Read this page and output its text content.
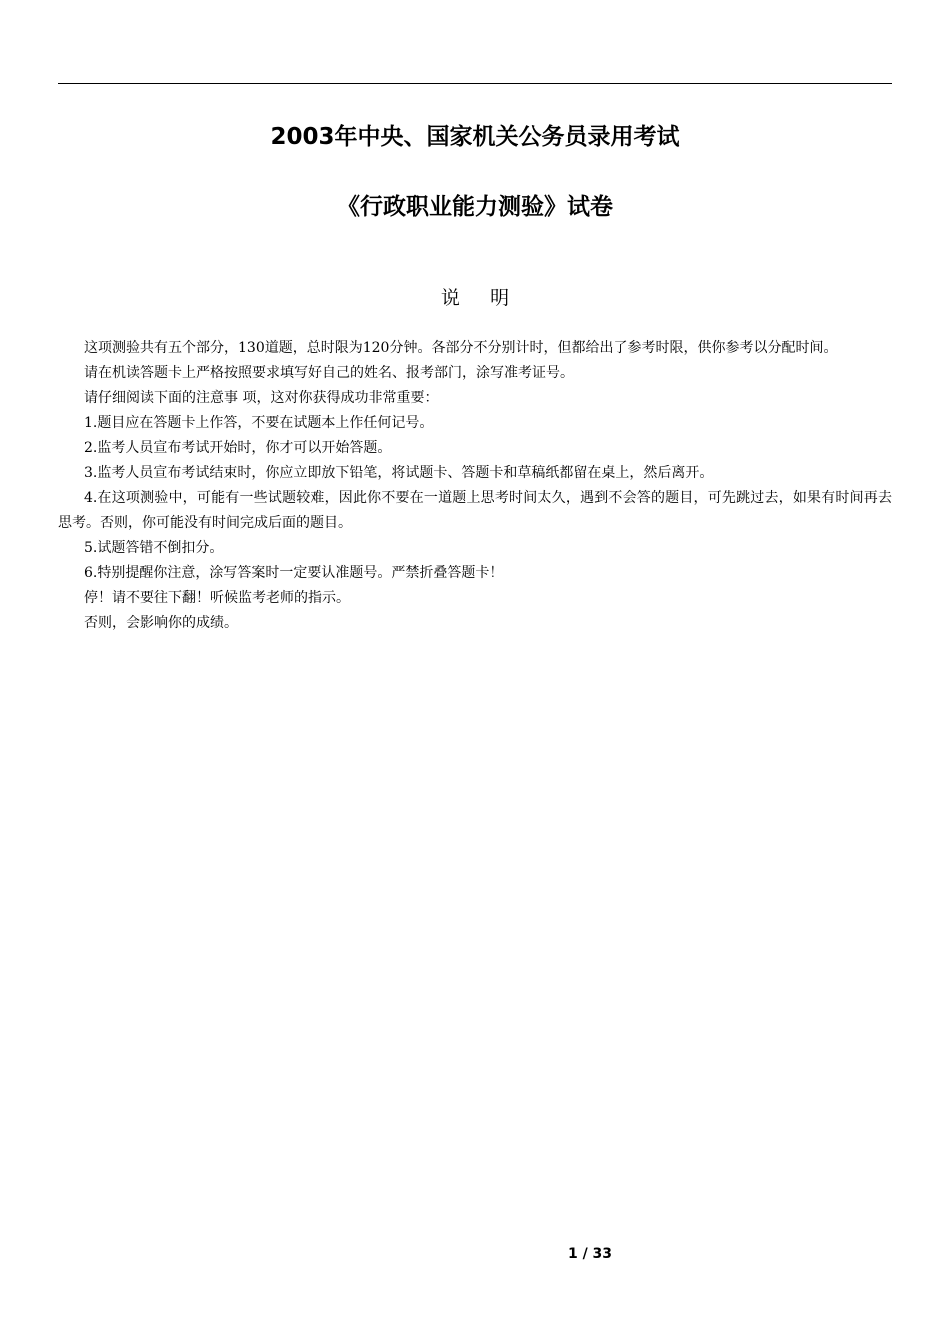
2003年中央、国家机关公务员录用考试
《行政职业能力测验》试卷
说     明

这项测验共有五个部分，130道题，总时限为120分钟。各部分不分别计时，但都给出了参考时限，供你参考以分配时间。

请在机读答题卡上严格按照要求填写好自己的姓名、报考部门，涂写准考证号。

请仔细阅读下面的注意事 项，这对你获得成功非常重要：

1.题目应在答题卡上作答，不要在试题本上作任何记号。

2.监考人员宣布考试开始时，你才可以开始答题。

3.监考人员宣布考试结束时，你应立即放下铅笔，将试题卡、答题卡和草稿纸都留在桌上，然后离开。

4.在这项测验中，可能有一些试题较难，因此你不要在一道题上思考时间太久，遇到不会答的题目，可先跳过去，如果有时间再去思考。否则，你可能没有时间完成后面的题目。

5.试题答错不倒扣分。

6.特别提醒你注意，涂写答案时一定要认准题号。严禁折叠答题卡！

停！请不要往下翻！听候监考老师的指示。

否则，会影响你的成绩。

1 / 33
